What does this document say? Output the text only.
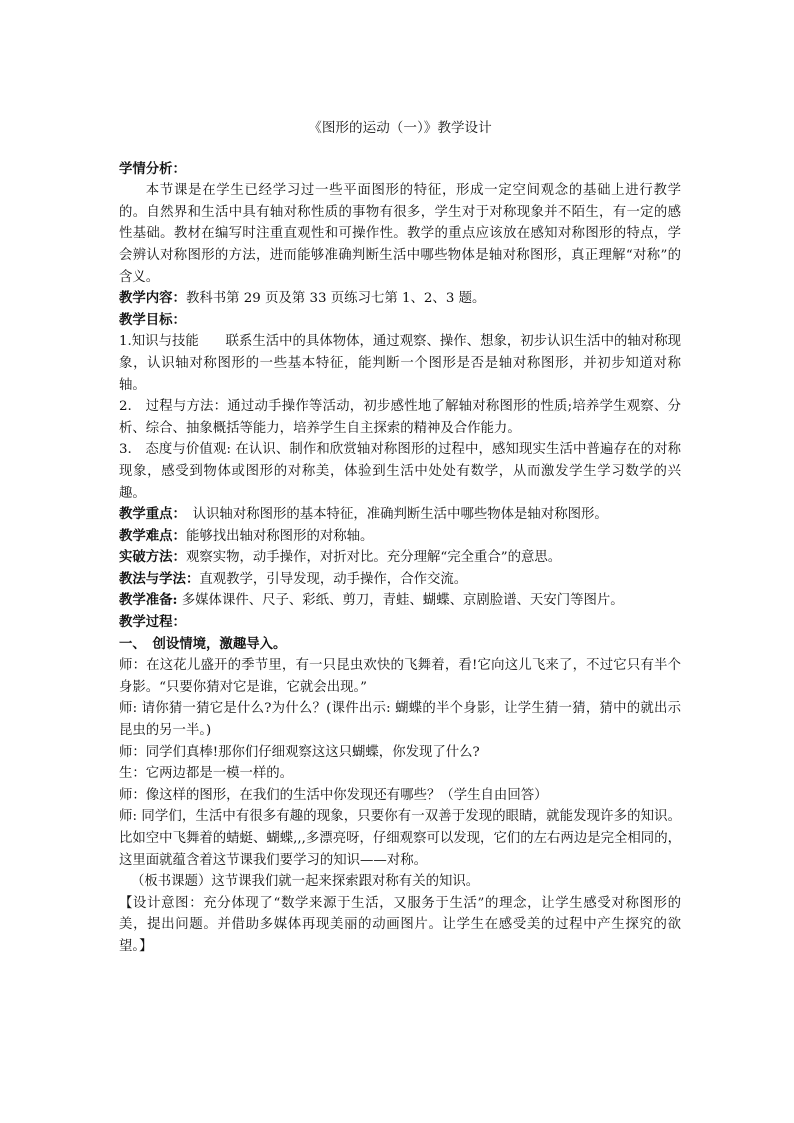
《图形的运动（一）》教学设计

学情分析：

本节课是在学生已经学习过一些平面图形的特征，形成一定空间观念的基础上进行教学的。自然界和生活中具有轴对称性质的事物有很多，学生对于对称现象并不陌生，有一定的感性基础。教材在编写时注重直观性和可操作性。教学的重点应该放在感知对称图形的特点，学会辨认对称图形的方法，进而能够准确判断生活中哪些物体是轴对称图形，真正理解“对称”的含义。

教学内容：教科书第 29 页及第 33 页练习七第 1、2、3 题。

教学目标：

1.知识与技能　　联系生活中的具体物体，通过观察、操作、想象，初步认识生活中的轴对称现象，认识轴对称图形的一些基本特征，能判断一个图形是否是轴对称图形，并初步知道对称轴。

2.　过程与方法：通过动手操作等活动，初步感性地了解轴对称图形的性质;培养学生观察、分析、综合、抽象概括等能力，培养学生自主探索的精神及合作能力。

3.　态度与价值观: 在认识、制作和欣赏轴对称图形的过程中，感知现实生活中普遍存在的对称现象，感受到物体或图形的对称美，体验到生活中处处有数学，从而激发学生学习数学的兴趣。

教学重点：　认识轴对称图形的基本特征，准确判断生活中哪些物体是轴对称图形。

教学难点：能够找出轴对称图形的对称轴。

实破方法：观察实物，动手操作，对折对比。充分理解“完全重合”的意思。

教法与学法：直观教学，引导发现，动手操作，合作交流。

教学准备: 多媒体课件、尺子、彩纸、剪刀，青蛙、蝴蝶、京剧脸谱、天安门等图片。

教学过程：

一、　创设情境，激趣导入。

师：在这花儿盛开的季节里，有一只昆虫欢快的飞舞着，看!它向这儿飞来了，不过它只有半个身影。“只要你猜对它是谁，它就会出现。”

师: 请你猜一猜它是什么?为什么？(课件出示: 蝴蝶的半个身影，让学生猜一猜，猜中的就出示昆虫的另一半。)

师：同学们真棒!那你们仔细观察这这只蝴蝶，你发现了什么?

生：它两边都是一模一样的。

师：像这样的图形，在我们的生活中你发现还有哪些？（学生自由回答）

师: 同学们，生活中有很多有趣的现象，只要你有一双善于发现的眼睛，就能发现许多的知识。比如空中飞舞着的蜻蜓、蝴蝶,,,多漂亮呀，仔细观察可以发现，它们的左右两边是完全相同的，这里面就蕴含着这节课我们要学习的知识——对称。

（板书课题）这节课我们就一起来探索跟对称有关的知识。

【设计意图：充分体现了“数学来源于生活，又服务于生活”的理念，让学生感受对称图形的美，提出问题。并借助多媒体再现美丽的动画图片。让学生在感受美的过程中产生探究的欲望。】
